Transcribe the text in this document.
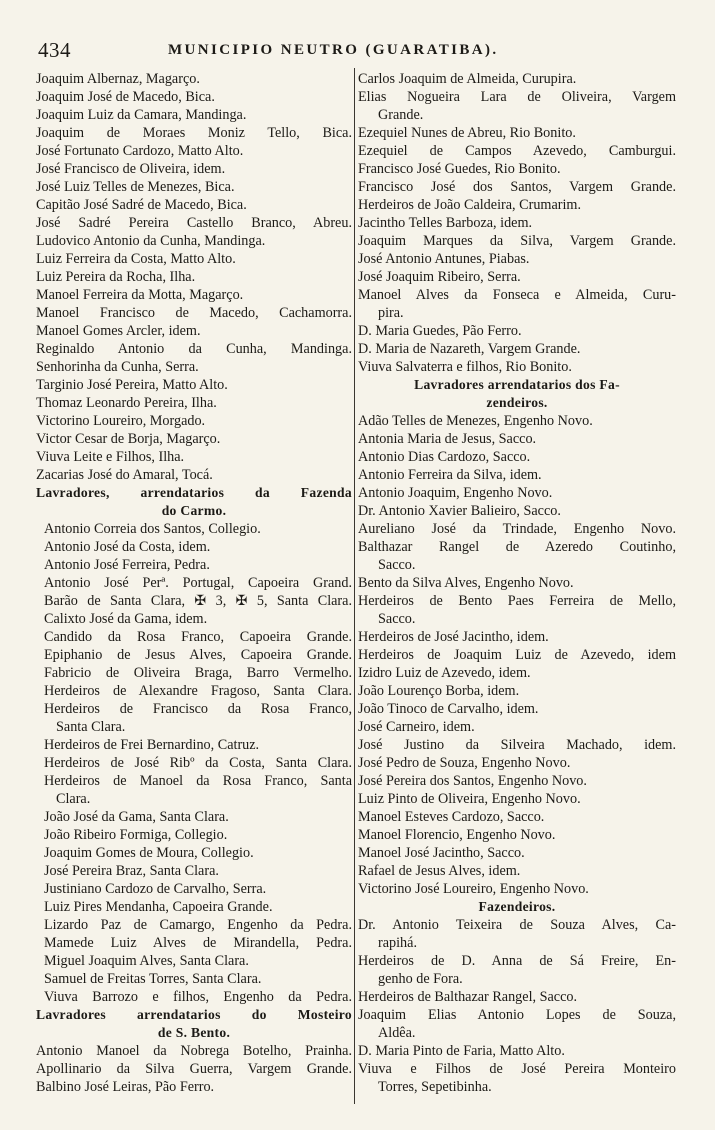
434	MUNICIPIO NEUTRO (GUARATIBA).

Joaquim Albernaz, Magarço.

Joaquim José de Macedo, Bica.

Joaquim Luiz da Camara, Mandinga.

Joaquim de Moraes Moniz Tello, Bica.

José Fortunato Cardozo, Matto Alto.

José Francisco de Oliveira, idem.

José Luiz Telles de Menezes, Bica.

Capitão José Sadré de Macedo, Bica.

José Sadré Pereira Castello Branco, Abreu.

Ludovico Antonio da Cunha, Mandinga.

Luiz Ferreira da Costa, Matto Alto.

Luiz Pereira da Rocha, Ilha.

Manoel Ferreira da Motta, Magarço.

Manoel Francisco de Macedo, Cachamorra.

Manoel Gomes Arcler, idem.

Reginaldo Antonio da Cunha, Mandinga.

Senhorinha da Cunha, Serra.

Targinio José Pereira, Matto Alto.

Thomaz Leonardo Pereira, Ilha.

Victorino Loureiro, Morgado.

Victor Cesar de Borja, Magarço.

Viuva Leite e Filhos, Ilha.

Zacarias José do Amaral, Tocá.

Lavradores, arrendatarios da Fazenda

do Carmo.

Antonio Correia dos Santos, Collegio.

Antonio José da Costa, idem.

Antonio José Ferreira, Pedra.

Antonio José Perª. Portugal, Capoeira Grand.

Barão de Santa Clara, ✠ 3, ✠ 5, Santa Clara.

Calixto José da Gama, idem.

Candido da Rosa Franco, Capoeira Grande.

Epiphanio de Jesus Alves, Capoeira Grande.

Fabricio de Oliveira Braga, Barro Vermelho.

Herdeiros de Alexandre Fragoso, Santa Clara.

Herdeiros de Francisco da Rosa Franco,

Santa Clara.

Herdeiros de Frei Bernardino, Catruz.

Herdeiros de José Ribº da Costa, Santa Clara.

Herdeiros de Manoel da Rosa Franco, Santa

Clara.

João José da Gama, Santa Clara.

João Ribeiro Formiga, Collegio.

Joaquim Gomes de Moura, Collegio.

José Pereira Braz, Santa Clara.

Justiniano Cardozo de Carvalho, Serra.

Luiz Pires Mendanha, Capoeira Grande.

Lizardo Paz de Camargo, Engenho da Pedra.

Mamede Luiz Alves de Mirandella, Pedra.

Miguel Joaquim Alves, Santa Clara.

Samuel de Freitas Torres, Santa Clara.

Viuva Barrozo e filhos, Engenho da Pedra.

Lavradores arrendatarios do Mosteiro

de S. Bento.

Antonio Manoel da Nobrega Botelho, Prainha.

Apollinario da Silva Guerra, Vargem Grande.

Balbino José Leiras, Pão Ferro.

Carlos Joaquim de Almeida, Curupira.

Elias Nogueira Lara de Oliveira, Vargem

Grande.

Ezequiel Nunes de Abreu, Rio Bonito.

Ezequiel de Campos Azevedo, Camburgui.

Francisco José Guedes, Rio Bonito.

Francisco José dos Santos, Vargem Grande.

Herdeiros de João Caldeira, Crumarim.

Jacintho Telles Barboza, idem.

Joaquim Marques da Silva, Vargem Grande.

José Antonio Antunes, Piabas.

José Joaquim Ribeiro, Serra.

Manoel Alves da Fonseca e Almeida, Curu-

pira.

D. Maria Guedes, Pão Ferro.

D. Maria de Nazareth, Vargem Grande.

Viuva Salvaterra e filhos, Rio Bonito.

Lavradores arrendatarios dos Fa-

zendeiros.

Adão Telles de Menezes, Engenho Novo.

Antonia Maria de Jesus, Sacco.

Antonio Dias Cardozo, Sacco.

Antonio Ferreira da Silva, idem.

Antonio Joaquim, Engenho Novo.

Dr. Antonio Xavier Balieiro, Sacco.

Aureliano José da Trindade, Engenho Novo.

Balthazar Rangel de Azeredo Coutinho,

Sacco.

Bento da Silva Alves, Engenho Novo.

Herdeiros de Bento Paes Ferreira de Mello,

Sacco.

Herdeiros de José Jacintho, idem.

Herdeiros de Joaquim Luiz de Azevedo, idem

Izidro Luiz de Azevedo, idem.

João Lourenço Borba, idem.

João Tinoco de Carvalho, idem.

José Carneiro, idem.

José Justino da Silveira Machado, idem.

José Pedro de Souza, Engenho Novo.

José Pereira dos Santos, Engenho Novo.

Luiz Pinto de Oliveira, Engenho Novo.

Manoel Esteves Cardozo, Sacco.

Manoel Florencio, Engenho Novo.

Manoel José Jacintho, Sacco.

Rafael de Jesus Alves, idem.

Victorino José Loureiro, Engenho Novo.

Fazendeiros.

Dr. Antonio Teixeira de Souza Alves, Ca-

rapihá.

Herdeiros de D. Anna de Sá Freire, En-

genho de Fora.

Herdeiros de Balthazar Rangel, Sacco.

Joaquim Elias Antonio Lopes de Souza,

Aldêa.

D. Maria Pinto de Faria, Matto Alto.

Viuva e Filhos de José Pereira Monteiro

Torres, Sepetibinha.
